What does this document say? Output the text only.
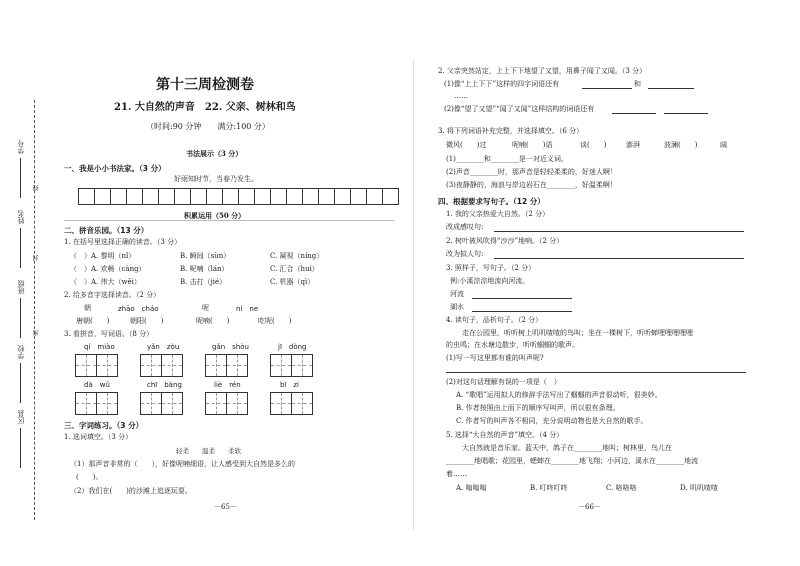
学号
姓名
班级
学校
区县
线
封
密
第十三周检测卷
21. 大自然的声音　22. 父亲、树林和鸟
（时间:90 分钟　　满分:100 分）
书法展示（3 分）
一、我是小小书法家。（3 分）
好雨知时节，当春乃发生。
积累运用（50 分）
二、拼音乐园。（13 分）
1. 在括号里选择正确的读音。（3 分）
（　）A. 黎明（nǐ）	B. 瞬间（sùn）	C. 凝视（níng）
（　）A. 欢畅（càng）	B. 呢喃（lán）	C. 汇合（huì）
（　）A. 伟大（wěi）	B. 击打（jié）	C. 机器（qì）
2. 给多音字选择读音。（2 分）
朝	zhāo　cháo	呢	ní　ne
唐朝(　　)	朝阳(　　)	呢喃(　　)	吃呢(　　)
3. 看拼音，写词语。（8 分）
qí　miào	yǎn　zòu	gǎn　shòu	jī　dòng
dà　wǔ	chī　bàng	liè　rén	bī　zi
三、字词练习。（3 分）
1. 选词填空。（3 分）
轻柔　　温柔　　柔软
（1）那声音非常的（　　），好像呢喃细语，让人感受到大自然是多么的
(　　)。
（2）我们在(　　)的沙滩上追逐玩耍。
－65－
2. 父亲突然站定，上上下下地望了又望，用鼻子闻了又闻。（3 分）
(1)像“上上下下”这样的四字词语还有	和
……
(2)像“望了又望”“闻了又闻”这样结构的词语还有
3. 将下列词语补充完整，并选择填空。（6 分）
微风(　　)过	呢喃(　　)语	谈(　　)	澎湃	波澜(　　)	阔
(1)________和________是一对近义词。
(2)声音________时，那声音是轻轻柔柔的，好迷人啊！
(3)夜静静的，海浪与岸边岩石在________，好温柔啊！
四、根据要求写句子。（12 分）
1. 我的父亲热爱大自然。（2 分）
改成感叹句:
2. 树叶被风吹得“沙沙”地响。（2 分）
改为拟人句:
3. 照样子，写句子。（2 分）
例:小溪淙淙地流向河流。
河流
湖水
4. 读句子，品析句子。（2 分）
走在公园里，听听树上叽叽喳喳的鸟叫；坐在一棵树下，听听蝉哩哩哩哩哩
的虫鸣；在水塘边散步，听听蝈蝈的歌声。
(1)写一写这里都有谁的叫声呢?
(2)对这句话理解有误的一项是（　）
A. “歌唱”运用拟人的修辞手法写出了蝈蝈的声音很动听，很美妙。
B. 作者按照由上而下的顺序写叫声，所以很有条理。
C. 作者写的叫声各不相同，充分说明动物也是大自然的歌手。
5. 选择“大自然的声音”填空。（4 分）
大自然就是音乐家。蓝天中，鸽子在________地叫；树林里，鸟儿在
________地唱歌；花园里，蟋蟀在________地飞翔；小河边，溪水在________地流
着……
A. 嗡嗡嗡	B. 叮咚叮咚	C. 咯咯咯	D. 叽叽喳喳
－66－
